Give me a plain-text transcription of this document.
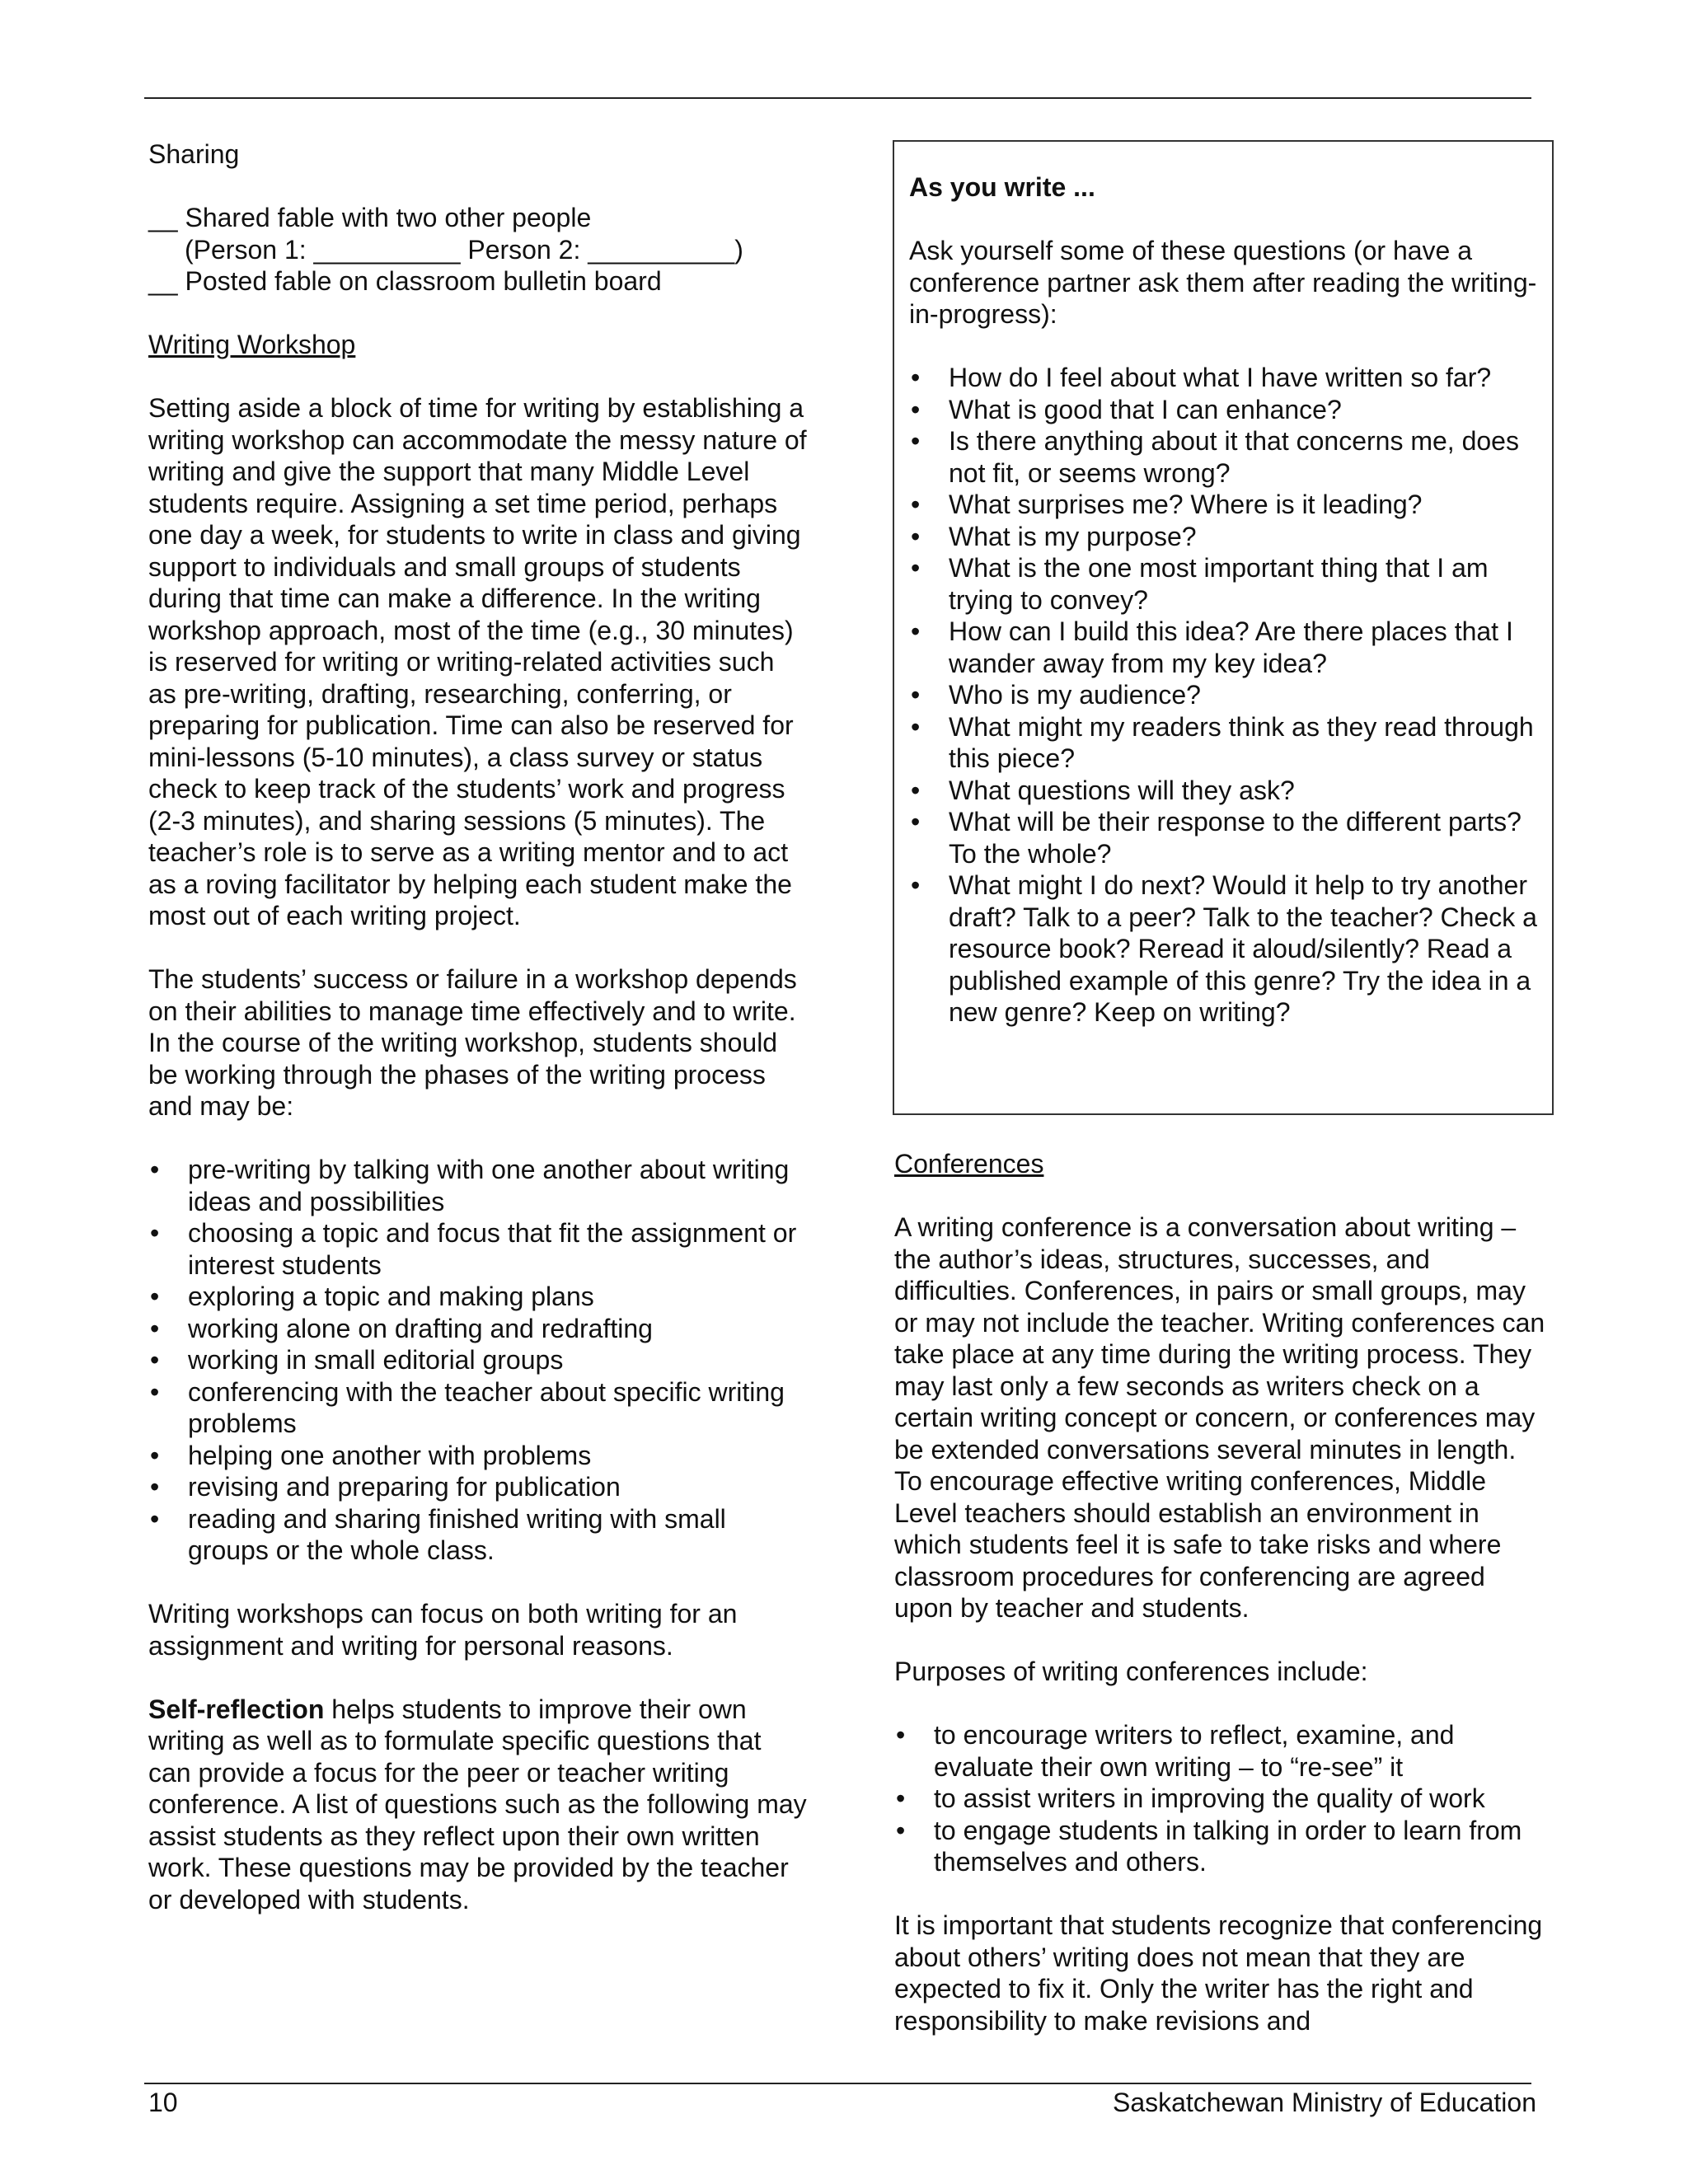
Sharing

__ Shared fable with two other people
(Person 1: __________ Person 2: __________)
__ Posted fable on classroom bulletin board

Writing Workshop

Setting aside a block of time for writing by establishing a writing workshop can accommodate the messy nature of writing and give the support that many Middle Level students require. Assigning a set time period, perhaps one day a week, for students to write in class and giving support to individuals and small groups of students during that time can make a difference. In the writing workshop approach, most of the time (e.g., 30 minutes) is reserved for writing or writing-related activities such as pre-writing, drafting, researching, conferring, or preparing for publication. Time can also be reserved for mini-lessons (5-10 minutes), a class survey or status check to keep track of the students’ work and progress (2-3 minutes), and sharing sessions (5 minutes). The teacher’s role is to serve as a writing mentor and to act as a roving facilitator by helping each student make the most out of each writing project.

The students’ success or failure in a workshop depends on their abilities to manage time effectively and to write. In the course of the writing workshop, students should be working through the phases of the writing process and may be:

• pre-writing by talking with one another about writing ideas and possibilities
• choosing a topic and focus that fit the assignment or interest students
• exploring a topic and making plans
• working alone on drafting and redrafting
• working in small editorial groups
• conferencing with the teacher about specific writing problems
• helping one another with problems
• revising and preparing for publication
• reading and sharing finished writing with small groups or the whole class.

Writing workshops can focus on both writing for an assignment and writing for personal reasons.

Self-reflection helps students to improve their own writing as well as to formulate specific questions that can provide a focus for the peer or teacher writing conference. A list of questions such as the following may assist students as they reflect upon their own written work. These questions may be provided by the teacher or developed with students.

As you write ...

Ask yourself some of these questions (or have a conference partner ask them after reading the writing-in-progress):

• How do I feel about what I have written so far?
• What is good that I can enhance?
• Is there anything about it that concerns me, does not fit, or seems wrong?
• What surprises me? Where is it leading?
• What is my purpose?
• What is the one most important thing that I am trying to convey?
• How can I build this idea? Are there places that I wander away from my key idea?
• Who is my audience?
• What might my readers think as they read through this piece?
• What questions will they ask?
• What will be their response to the different parts? To the whole?
• What might I do next? Would it help to try another draft? Talk to a peer? Talk to the teacher? Check a resource book? Reread it aloud/silently? Read a published example of this genre? Try the idea in a new genre? Keep on writing?

Conferences

A writing conference is a conversation about writing – the author’s ideas, structures, successes, and difficulties. Conferences, in pairs or small groups, may or may not include the teacher. Writing conferences can take place at any time during the writing process. They may last only a few seconds as writers check on a certain writing concept or concern, or conferences may be extended conversations several minutes in length. To encourage effective writing conferences, Middle Level teachers should establish an environment in which students feel it is safe to take risks and where classroom procedures for conferencing are agreed upon by teacher and students.

Purposes of writing conferences include:

• to encourage writers to reflect, examine, and evaluate their own writing – to “re-see” it
• to assist writers in improving the quality of work
• to engage students in talking in order to learn from themselves and others.

It is important that students recognize that conferencing about others’ writing does not mean that they are expected to fix it. Only the writer has the right and responsibility to make revisions and

10	Saskatchewan Ministry of Education
